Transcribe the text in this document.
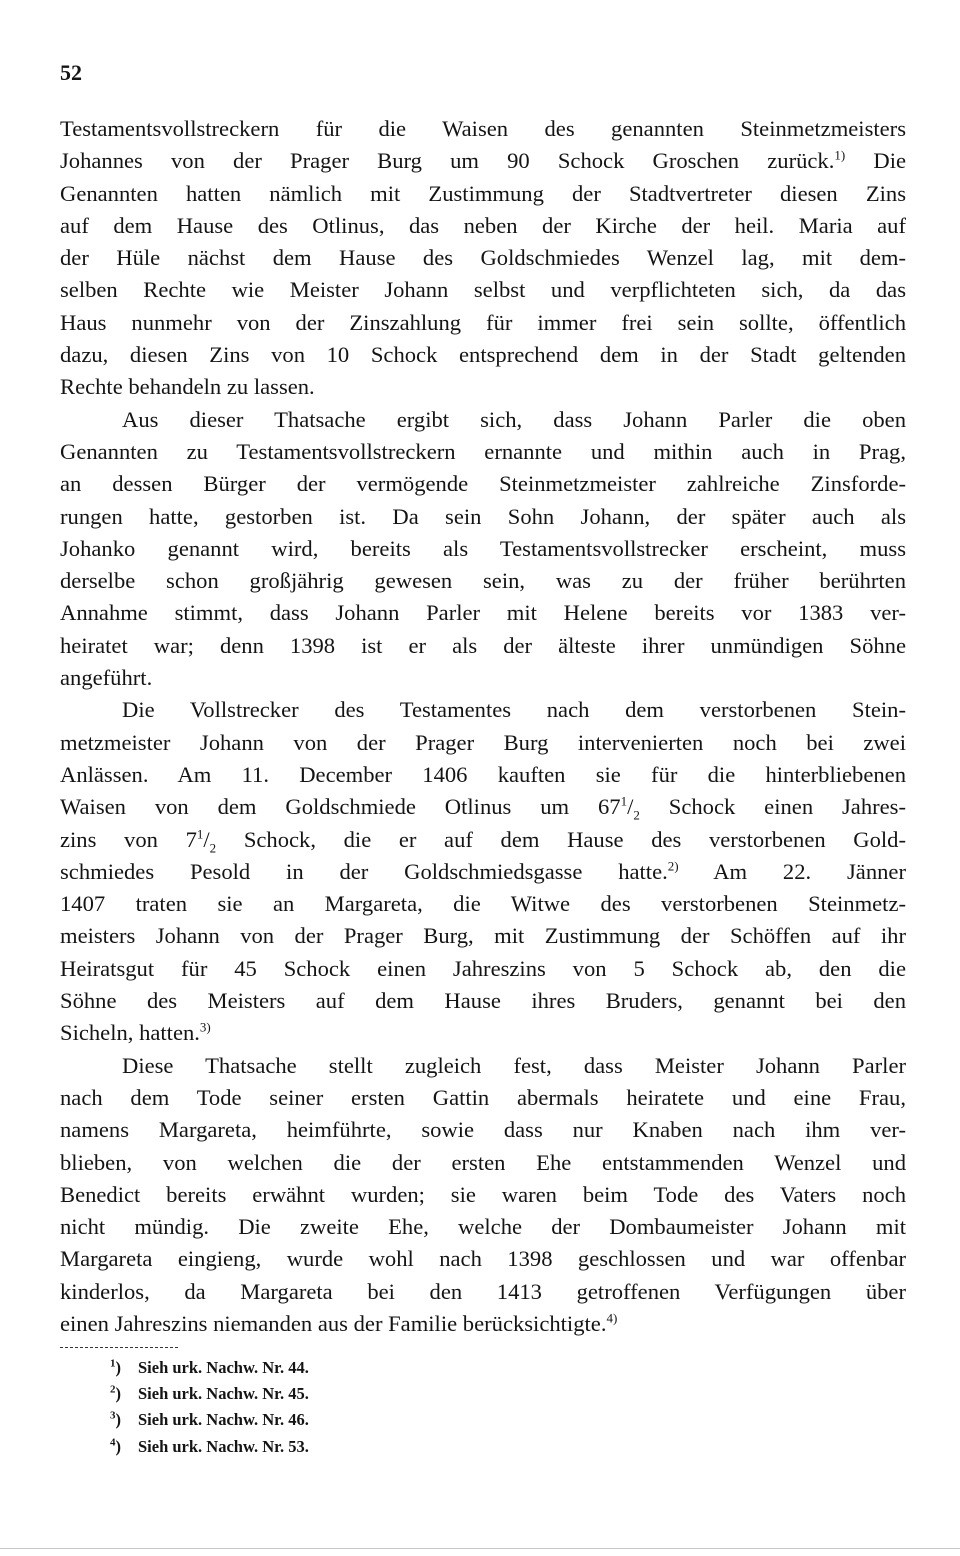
52
Testamentsvollstreckern für die Waisen des genannten Steinmetzmeisters
Johannes von der Prager Burg um 90 Schock Groschen zurück.$^{1)}$ Die
Genannten hatten nämlich mit Zustimmung der Stadtvertreter diesen Zins
auf dem Hause des Otlinus, das neben der Kirche der heil. Maria auf
der Hüle nächst dem Hause des Goldschmiedes Wenzel lag, mit dem-
selben Rechte wie Meister Johann selbst und verpflichteten sich, da das
Haus nunmehr von der Zinszahlung für immer frei sein sollte, öffentlich
dazu, diesen Zins von 10 Schock entsprechend dem in der Stadt geltenden
Rechte behandeln zu lassen.
Aus dieser Thatsache ergibt sich, dass Johann Parler die oben
Genannten zu Testamentsvollstreckern ernannte und mithin auch in Prag,
an dessen Bürger der vermögende Steinmetzmeister zahlreiche Zinsforde-
rungen hatte, gestorben ist. Da sein Sohn Johann, der später auch als
Johanko genannt wird, bereits als Testamentsvollstrecker erscheint, muss
derselbe schon großjährig gewesen sein, was zu der früher berührten
Annahme stimmt, dass Johann Parler mit Helene bereits vor 1383 ver-
heiratet war; denn 1398 ist er als der älteste ihrer unmündigen Söhne
angeführt.
Die Vollstrecker des Testamentes nach dem verstorbenen Stein-
metzmeister Johann von der Prager Burg intervenierten noch bei zwei
Anlässen. Am 11. December 1406 kauften sie für die hinterbliebenen
Waisen von dem Goldschmiede Otlinus um $67^1/_2$ Schock einen Jahres-
zins von $7^1/_2$ Schock, die er auf dem Hause des verstorbenen Gold-
schmiedes Pesold in der Goldschmiedsgasse hatte.$^{2)}$ Am 22. Jänner
1407 traten sie an Margareta, die Witwe des verstorbenen Steinmetz-
meisters Johann von der Prager Burg, mit Zustimmung der Schöffen auf ihr
Heiratsgut für 45 Schock einen Jahreszins von 5 Schock ab, den die
Söhne des Meisters auf dem Hause ihres Bruders, genannt bei den
Sicheln, hatten.$^{3)}$
Diese Thatsache stellt zugleich fest, dass Meister Johann Parler
nach dem Tode seiner ersten Gattin abermals heiratete und eine Frau,
namens Margareta, heimführte, sowie dass nur Knaben nach ihm ver-
blieben, von welchen die der ersten Ehe entstammenden Wenzel und
Benedict bereits erwähnt wurden; sie waren beim Tode des Vaters noch
nicht mündig. Die zweite Ehe, welche der Dombaumeister Johann mit
Margareta eingieng, wurde wohl nach 1398 geschlossen und war offenbar
kinderlos, da Margareta bei den 1413 getroffenen Verfügungen über
einen Jahreszins niemanden aus der Familie berücksichtigte.$^{4)}$
$^1$) Sieh urk. Nachw. Nr. 44.
$^2$) Sieh urk. Nachw. Nr. 45.
$^3$) Sieh urk. Nachw. Nr. 46.
$^4$) Sieh urk. Nachw. Nr. 53.
